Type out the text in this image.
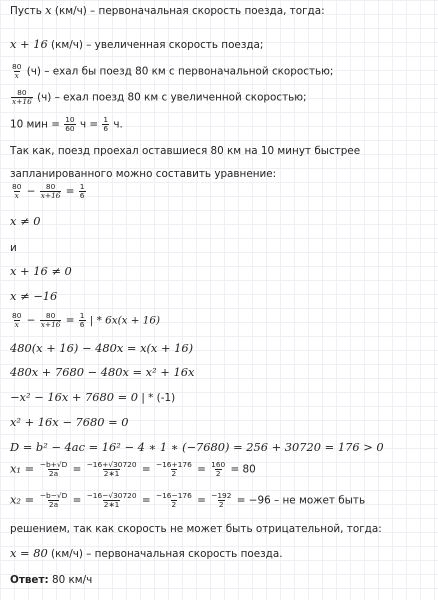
Пусть x (км/ч) – первоначальная скорость поезда, тогда:
x + 16 (км/ч) – увеличенная скорость поезда;
$\frac{80}{x} (ч)$ – ехал бы поезд 80 км с первоначальной скоростью;
$\frac{80}{x+16} (ч)$ – ехал поезд 80 км с увеличенной скоростью;
10 мин = $\frac{10}{60}$ $ч = \frac{1}{6} ч$.
Так как, поезд проехал оставшиеся 80 км на 10 минут быстрее
запланированного можно составить уравнение:
$\frac{80}{x} - \frac{80}{x+16} = \frac{1}{6}$
x ≠ 0
и
x + 16 ≠ 0
x ≠ −16
$\frac{80}{x} - \frac{80}{x+16} = \frac{1}{6}$ | * 6x(x + 16)
480(x + 16) − 480x = x(x + 16)
480x + 7680 − 480x = x² + 16x
−x² − 16x + 7680 = 0 | * (-1)
x² + 16x − 7680 = 0
D = b² − 4ac = 16² − 4 ∗ 1 ∗ (−7680) = 256 + 30720 = 176 > 0
$x_1 = \frac{-b+√D}{2a} = \frac{-16+√30720}{2∗1} = \frac{-16+176}{2} = \frac{160}{2} = 80$
$x_2 = \frac{-b-√D}{2a} = \frac{-16-√30720}{2∗1} = \frac{-16-176}{2} = \frac{-192}{2} = -96$ – не может быть
решением, так как скорость не может быть отрицательной, тогда:
x = 80 (км/ч) – первоначальная скорость поезда.
Ответ: 80 км/ч
